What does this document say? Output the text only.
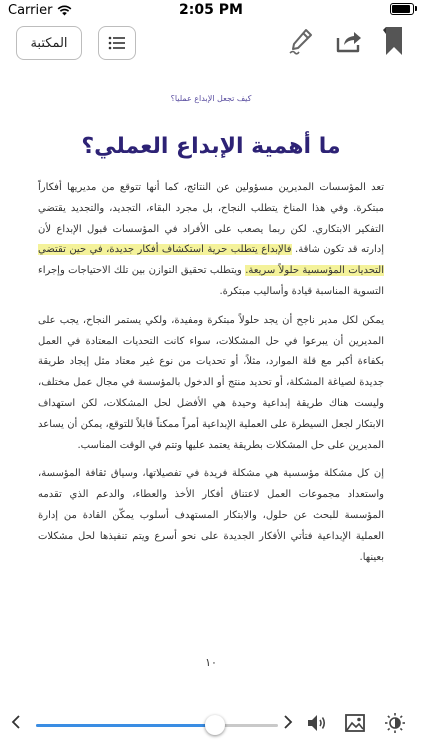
Carrier	2:05 PM
المكتبة
كيف تجعل الإبداع عمليا؟
ما أهمية الإبداع العملي؟

تعد المؤسسات المديرين مسؤولين عن النتائج، كما أنها تتوقع من مديريها أفكاراً مبتكرة. وفي هذا المناخ يتطلب النجاح، بل مجرد البقاء، التجديد، والتجديد يقتضي التفكير الابتكاري. لكن ربما يصعب على الأفراد في المؤسسات قبول الإبداع لأن إدارته قد تكون شاقة. فالإبداع يتطلب حرية استكشاف أفكار جديدة، في حين تقتضي التحديات المؤسسية حلولاً سريعة. ويتطلب تحقيق التوازن بين تلك الاحتياجات وإجراء التسوية المناسبة قيادة وأساليب مبتكرة.

يمكن لكل مدير ناجح أن يجد حلولاً مبتكرة ومفيدة، ولكي يستمر النجاح، يجب على المديرين أن يبرعوا في حل المشكلات، سواء كانت التحديات المعتادة في العمل بكفاءة أكبر مع قلة الموارد، مثلاً، أو تحديات من نوع غير معتاد مثل إيجاد طريقة جديدة لصياغة المشكلة، أو تحديد منتج أو الدخول بالمؤسسة في مجال عمل مختلف، وليست هناك طريقة إبداعية وحيدة هي الأفضل لحل المشكلات، لكن استهداف الابتكار لجعل السيطرة على العملية الإبداعية أمراً ممكناً قابلاً للتوقع، يمكن أن يساعد المديرين على حل المشكلات بطريقة يعتمد عليها وتتم في الوقت المناسب.

إن كل مشكلة مؤسسية هي مشكلة فريدة في تفصيلاتها، وسياق ثقافة المؤسسة، واستعداد مجموعات العمل لاعتناق أفكار الأخذ والعطاء، والدعم الذي تقدمه المؤسسة للبحث عن حلول، والابتكار المستهدف أسلوب يمكّن القادة من إدارة العملية الإبداعية فتأتي الأفكار الجديدة على نحو أسرع ويتم تنفيذها لحل مشكلات بعينها.

١٠
